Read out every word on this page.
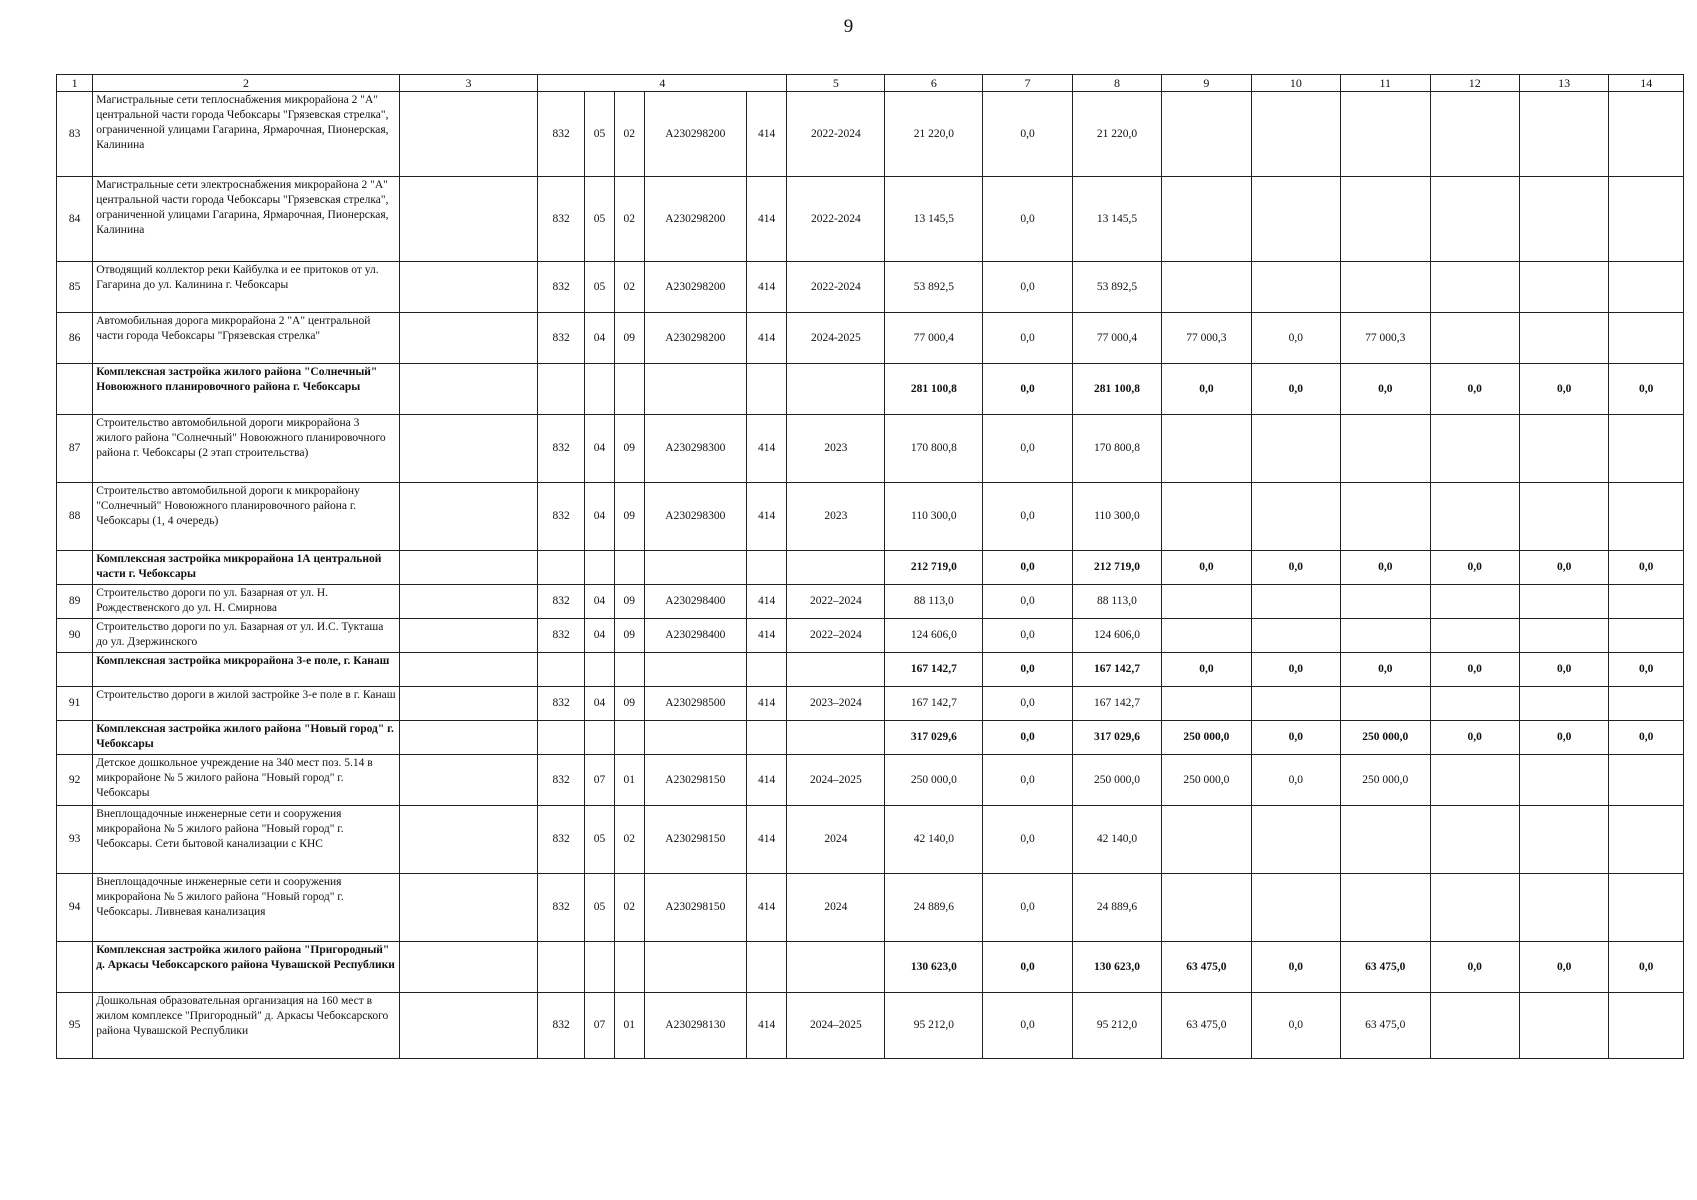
9
1	2	3	4					5	6	7	8	9	10	11	12	13	14
83	Магистральные сети теплоснабжения микрорайона 2 "А" центральной части города Чебоксары "Грязевская стрелка", ограниченной улицами Гагарина, Ярмарочная, Пионерская, Калинина		832	05	02	А230298200	414	2022-2024	21 220,0	0,0	21 220,0						
84	Магистральные сети электроснабжения микрорайона 2 "А" центральной части города Чебоксары "Грязевская стрелка", ограниченной улицами Гагарина, Ярмарочная, Пионерская, Калинина		832	05	02	А230298200	414	2022-2024	13 145,5	0,0	13 145,5						
85	Отводящий коллектор реки Кайбулка и ее притоков от ул. Гагарина до ул. Калинина г. Чебоксары		832	05	02	А230298200	414	2022-2024	53 892,5	0,0	53 892,5						
86	Автомобильная дорога микрорайона 2 "А" центральной части города Чебоксары "Грязевская стрелка"		832	04	09	А230298200	414	2024-2025	77 000,4	0,0	77 000,4	77 000,3	0,0	77 000,3			
	Комплексная застройка жилого района "Солнечный" Новоюжного планировочного района г. Чебоксары								281 100,8	0,0	281 100,8	0,0	0,0	0,0	0,0	0,0	0,0
87	Строительство автомобильной дороги микрорайона 3 жилого района "Солнечный" Новоюжного планировочного района г. Чебоксары (2 этап строительства)		832	04	09	А230298300	414	2023	170 800,8	0,0	170 800,8						
88	Строительство автомобильной дороги к микрорайону "Солнечный" Новоюжного планировочного района г. Чебоксары (1, 4 очередь)		832	04	09	А230298300	414	2023	110 300,0	0,0	110 300,0						
	Комплексная застройка микрорайона 1А центральной части г. Чебоксары								212 719,0	0,0	212 719,0	0,0	0,0	0,0	0,0	0,0	0,0
89	Строительство дороги по ул. Базарная от ул. Н. Рождественского до ул. Н. Смирнова		832	04	09	А230298400	414	2022–2024	88 113,0	0,0	88 113,0						
90	Строительство дороги по ул. Базарная от ул. И.С. Тукташа до ул. Дзержинского		832	04	09	А230298400	414	2022–2024	124 606,0	0,0	124 606,0						
	Комплексная застройка микрорайона 3-е поле, г. Канаш								167 142,7	0,0	167 142,7	0,0	0,0	0,0	0,0	0,0	0,0
91	Строительство дороги в жилой застройке 3-е поле в г. Канаш		832	04	09	А230298500	414	2023–2024	167 142,7	0,0	167 142,7						
	Комплексная застройка жилого района "Новый город" г. Чебоксары								317 029,6	0,0	317 029,6	250 000,0	0,0	250 000,0	0,0	0,0	0,0
92	Детское дошкольное учреждение на 340 мест поз. 5.14 в микрорайоне № 5 жилого района "Новый город" г. Чебоксары		832	07	01	А230298150	414	2024–2025	250 000,0	0,0	250 000,0	250 000,0	0,0	250 000,0			
93	Внеплощадочные инженерные сети и сооружения микрорайона № 5 жилого района "Новый город" г. Чебоксары. Сети бытовой канализации с КНС		832	05	02	А230298150	414	2024	42 140,0	0,0	42 140,0						
94	Внеплощадочные инженерные сети и сооружения микрорайона № 5 жилого района "Новый город" г. Чебоксары. Ливневая канализация		832	05	02	А230298150	414	2024	24 889,6	0,0	24 889,6						
	Комплексная застройка жилого района "Пригородный" д. Аркасы Чебоксарского района Чувашской Республики								130 623,0	0,0	130 623,0	63 475,0	0,0	63 475,0	0,0	0,0	0,0
95	Дошкольная образовательная организация на 160 мест в жилом комплексе "Пригородный" д. Аркасы Чебоксарского района Чувашской Республики		832	07	01	А230298130	414	2024–2025	95 212,0	0,0	95 212,0	63 475,0	0,0	63 475,0			
